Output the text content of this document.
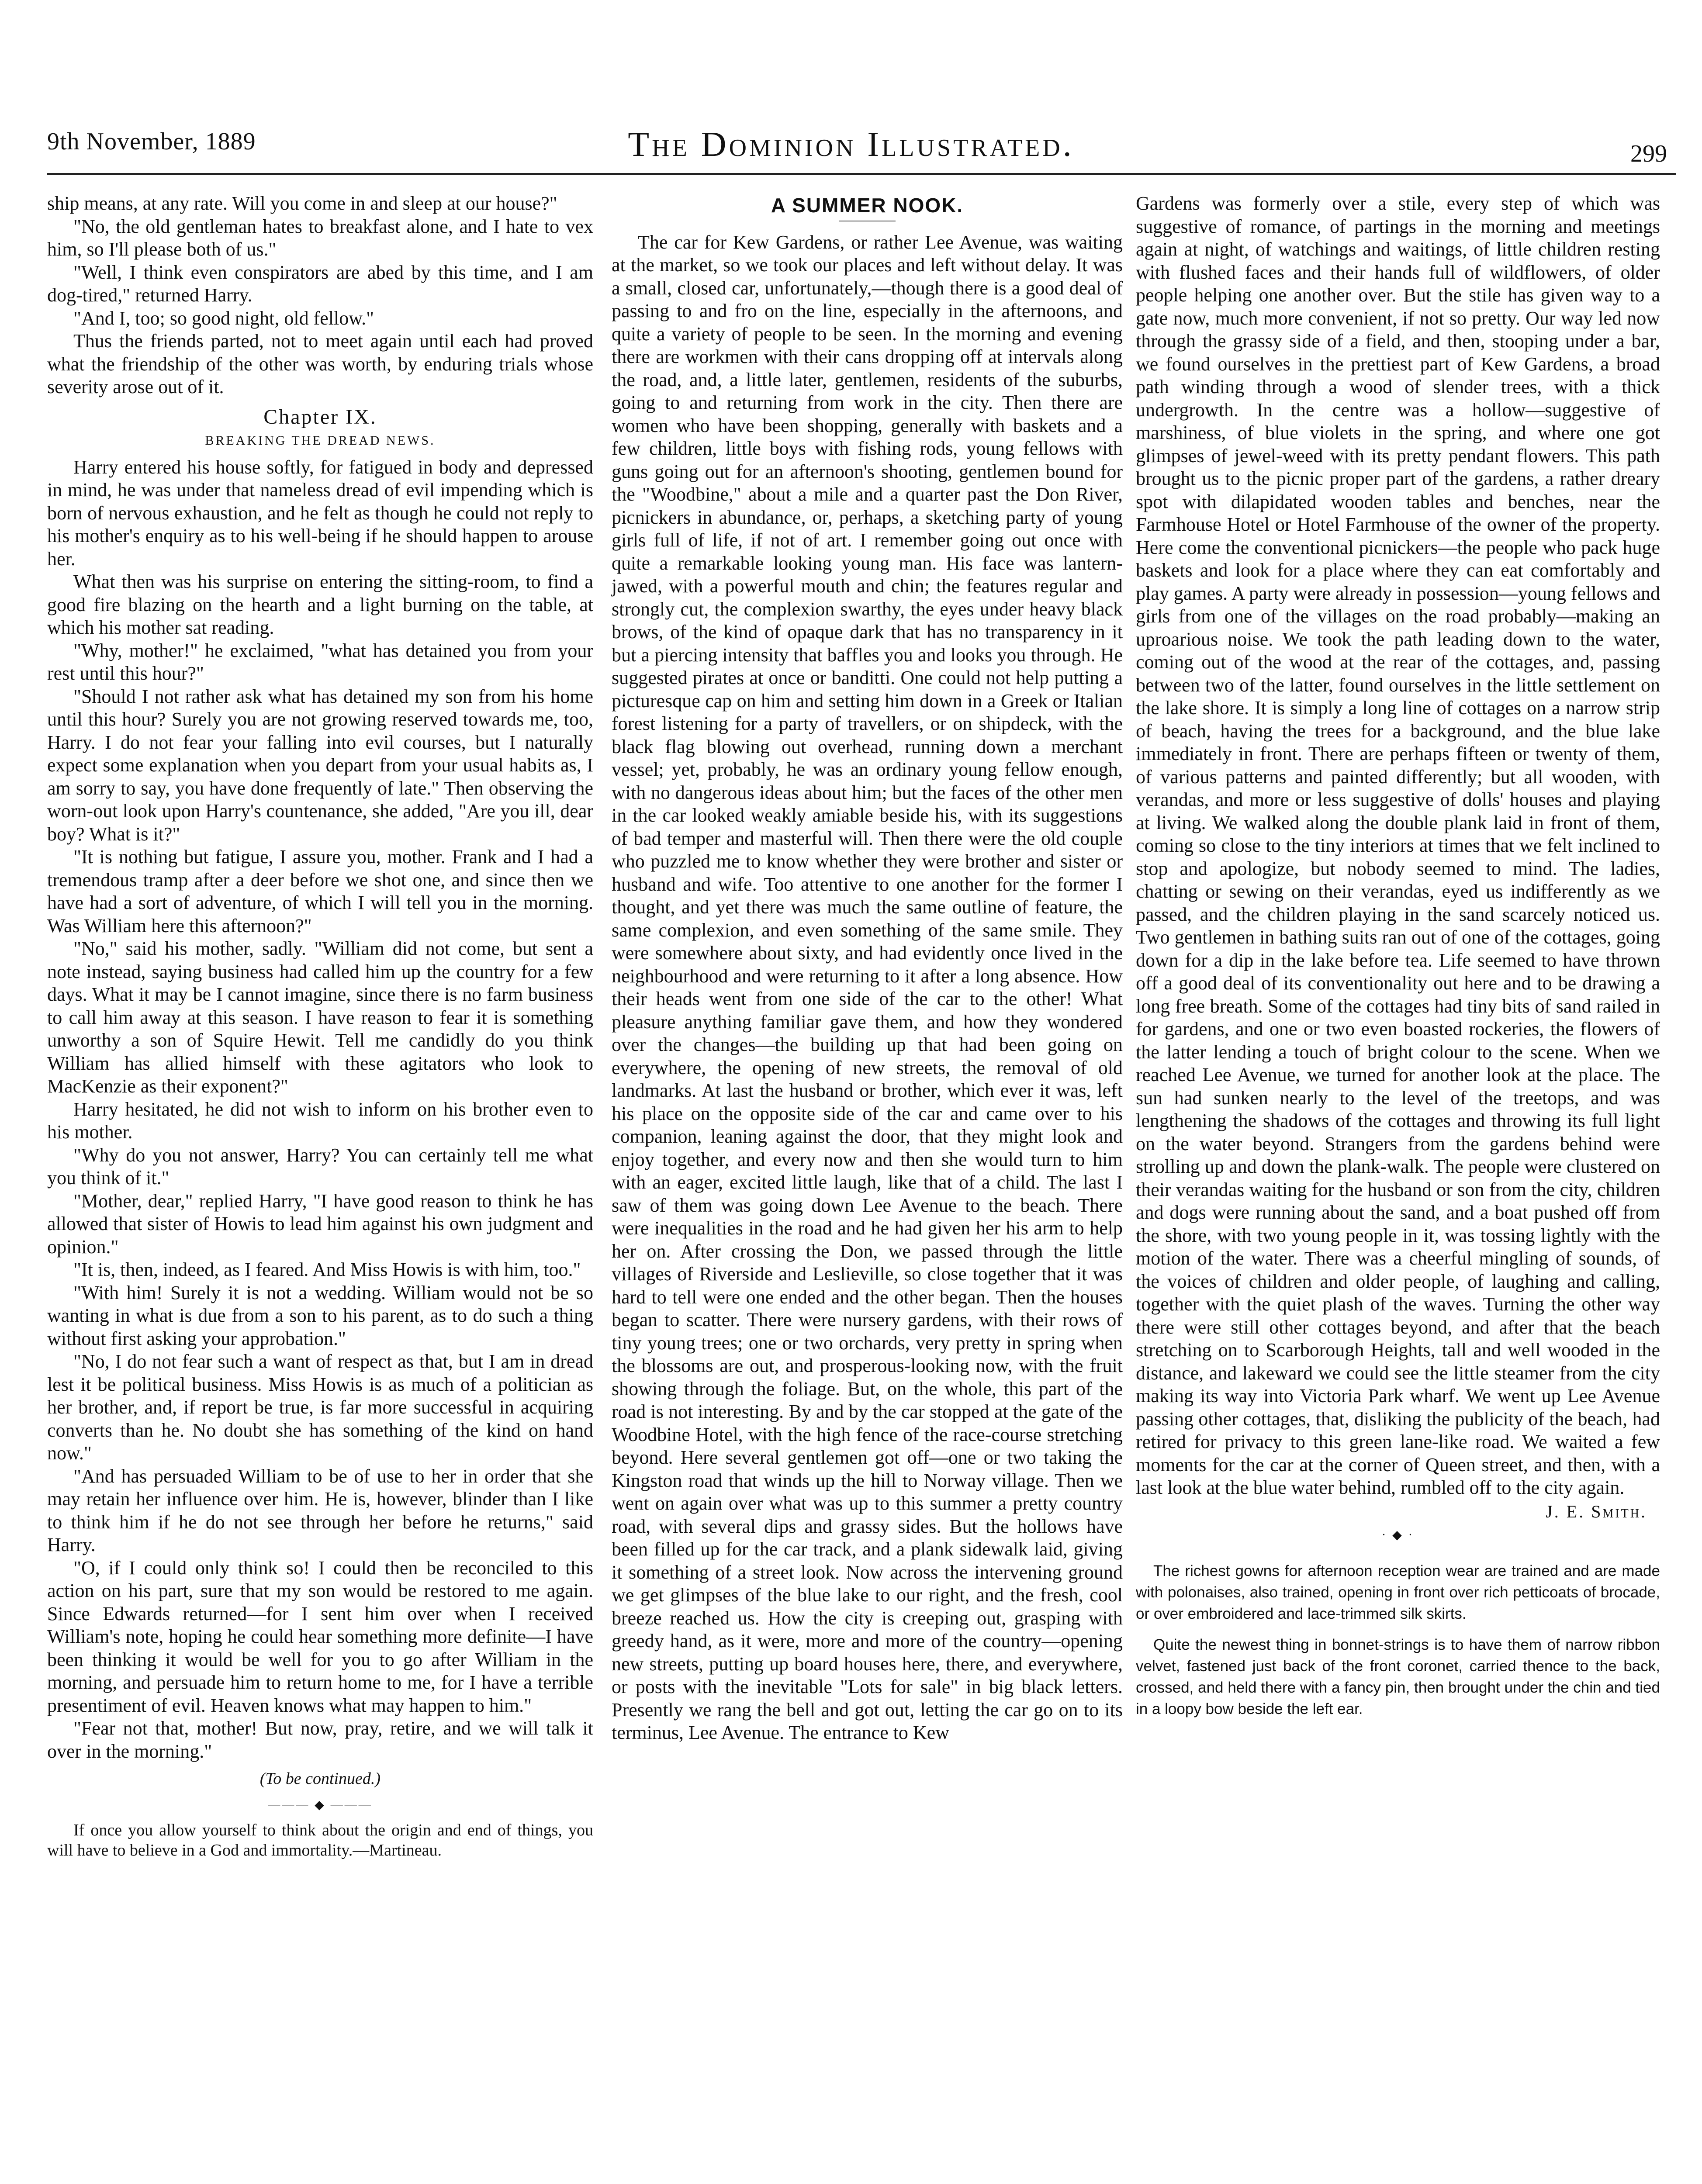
9th November, 1889	The Dominion Illustrated.	299

ship means, at any rate. Will you come in and sleep at our house?"

"No, the old gentleman hates to breakfast alone, and I hate to vex him, so I'll please both of us."

"Well, I think even conspirators are abed by this time, and I am dog-tired," returned Harry.

"And I, too; so good night, old fellow."

Thus the friends parted, not to meet again until each had proved what the friendship of the other was worth, by enduring trials whose severity arose out of it.

Chapter IX.
BREAKING THE DREAD NEWS.

Harry entered his house softly, for fatigued in body and depressed in mind, he was under that nameless dread of evil impending which is born of nervous exhaustion, and he felt as though he could not reply to his mother's enquiry as to his well-being if he should happen to arouse her.

What then was his surprise on entering the sitting-room, to find a good fire blazing on the hearth and a light burning on the table, at which his mother sat reading.

"Why, mother!" he exclaimed, "what has detained you from your rest until this hour?"

"Should I not rather ask what has detained my son from his home until this hour? Surely you are not growing reserved towards me, too, Harry. I do not fear your falling into evil courses, but I naturally expect some explanation when you depart from your usual habits as, I am sorry to say, you have done frequently of late." Then observing the worn-out look upon Harry's countenance, she added, "Are you ill, dear boy? What is it?"

"It is nothing but fatigue, I assure you, mother. Frank and I had a tremendous tramp after a deer before we shot one, and since then we have had a sort of adventure, of which I will tell you in the morning. Was William here this afternoon?"

"No," said his mother, sadly. "William did not come, but sent a note instead, saying business had called him up the country for a few days. What it may be I cannot imagine, since there is no farm business to call him away at this season. I have reason to fear it is something unworthy a son of Squire Hewit. Tell me candidly do you think William has allied himself with these agitators who look to MacKenzie as their exponent?"

Harry hesitated, he did not wish to inform on his brother even to his mother.

"Why do you not answer, Harry? You can certainly tell me what you think of it."

"Mother, dear," replied Harry, "I have good reason to think he has allowed that sister of Howis to lead him against his own judgment and opinion."

"It is, then, indeed, as I feared. And Miss Howis is with him, too."

"With him! Surely it is not a wedding. William would not be so wanting in what is due from a son to his parent, as to do such a thing without first asking your approbation."

"No, I do not fear such a want of respect as that, but I am in dread lest it be political business. Miss Howis is as much of a politician as her brother, and, if report be true, is far more successful in acquiring converts than he. No doubt she has something of the kind on hand now."

"And has persuaded William to be of use to her in order that she may retain her influence over him. He is, however, blinder than I like to think him if he do not see through her before he returns," said Harry.

"O, if I could only think so! I could then be reconciled to this action on his part, sure that my son would be restored to me again. Since Edwards returned—for I sent him over when I received William's note, hoping he could hear something more definite—I have been thinking it would be well for you to go after William in the morning, and persuade him to return home to me, for I have a terrible presentiment of evil. Heaven knows what may happen to him."

"Fear not that, mother! But now, pray, retire, and we will talk it over in the morning."

(To be continued.)
——— ◆ ———

If once you allow yourself to think about the origin and end of things, you will have to believe in a God and immortality.—Martineau.

A SUMMER NOOK.

The car for Kew Gardens, or rather Lee Avenue, was waiting at the market, so we took our places and left without delay. It was a small, closed car, unfortunately,—though there is a good deal of passing to and fro on the line, especially in the afternoons, and quite a variety of people to be seen. In the morning and evening there are workmen with their cans dropping off at intervals along the road, and, a little later, gentlemen, residents of the suburbs, going to and returning from work in the city. Then there are women who have been shopping, generally with baskets and a few children, little boys with fishing rods, young fellows with guns going out for an afternoon's shooting, gentlemen bound for the "Woodbine," about a mile and a quarter past the Don River, picnickers in abundance, or, perhaps, a sketching party of young girls full of life, if not of art. I remember going out once with quite a remarkable looking young man. His face was lantern-jawed, with a powerful mouth and chin; the features regular and strongly cut, the complexion swarthy, the eyes under heavy black brows, of the kind of opaque dark that has no transparency in it but a piercing intensity that baffles you and looks you through. He suggested pirates at once or banditti. One could not help putting a picturesque cap on him and setting him down in a Greek or Italian forest listening for a party of travellers, or on shipdeck, with the black flag blowing out overhead, running down a merchant vessel; yet, probably, he was an ordinary young fellow enough, with no dangerous ideas about him; but the faces of the other men in the car looked weakly amiable beside his, with its suggestions of bad temper and masterful will. Then there were the old couple who puzzled me to know whether they were brother and sister or husband and wife. Too attentive to one another for the former I thought, and yet there was much the same outline of feature, the same complexion, and even something of the same smile. They were somewhere about sixty, and had evidently once lived in the neighbourhood and were returning to it after a long absence. How their heads went from one side of the car to the other! What pleasure anything familiar gave them, and how they wondered over the changes—the building up that had been going on everywhere, the opening of new streets, the removal of old landmarks. At last the husband or brother, which ever it was, left his place on the opposite side of the car and came over to his companion, leaning against the door, that they might look and enjoy together, and every now and then she would turn to him with an eager, excited little laugh, like that of a child. The last I saw of them was going down Lee Avenue to the beach. There were inequalities in the road and he had given her his arm to help her on. After crossing the Don, we passed through the little villages of Riverside and Leslieville, so close together that it was hard to tell were one ended and the other began. Then the houses began to scatter. There were nursery gardens, with their rows of tiny young trees; one or two orchards, very pretty in spring when the blossoms are out, and prosperous-looking now, with the fruit showing through the foliage. But, on the whole, this part of the road is not interesting. By and by the car stopped at the gate of the Woodbine Hotel, with the high fence of the race-course stretching beyond. Here several gentlemen got off—one or two taking the Kingston road that winds up the hill to Norway village. Then we went on again over what was up to this summer a pretty country road, with several dips and grassy sides. But the hollows have been filled up for the car track, and a plank sidewalk laid, giving it something of a street look. Now across the intervening ground we get glimpses of the blue lake to our right, and the fresh, cool breeze reached us. How the city is creeping out, grasping with greedy hand, as it were, more and more of the country—opening new streets, putting up board houses here, there, and everywhere, or posts with the inevitable "Lots for sale" in big black letters. Presently we rang the bell and got out, letting the car go on to its terminus, Lee Avenue. The entrance to Kew

Gardens was formerly over a stile, every step of which was suggestive of romance, of partings in the morning and meetings again at night, of watchings and waitings, of little children resting with flushed faces and their hands full of wildflowers, of older people helping one another over. But the stile has given way to a gate now, much more convenient, if not so pretty. Our way led now through the grassy side of a field, and then, stooping under a bar, we found ourselves in the prettiest part of Kew Gardens, a broad path winding through a wood of slender trees, with a thick undergrowth. In the centre was a hollow—suggestive of marshiness, of blue violets in the spring, and where one got glimpses of jewel-weed with its pretty pendant flowers. This path brought us to the picnic proper part of the gardens, a rather dreary spot with dilapidated wooden tables and benches, near the Farmhouse Hotel or Hotel Farmhouse of the owner of the property. Here come the conventional picnickers—the people who pack huge baskets and look for a place where they can eat comfortably and play games. A party were already in possession—young fellows and girls from one of the villages on the road probably—making an uproarious noise. We took the path leading down to the water, coming out of the wood at the rear of the cottages, and, passing between two of the latter, found ourselves in the little settlement on the lake shore. It is simply a long line of cottages on a narrow strip of beach, having the trees for a background, and the blue lake immediately in front. There are perhaps fifteen or twenty of them, of various patterns and painted differently; but all wooden, with verandas, and more or less suggestive of dolls' houses and playing at living. We walked along the double plank laid in front of them, coming so close to the tiny interiors at times that we felt inclined to stop and apologize, but nobody seemed to mind. The ladies, chatting or sewing on their verandas, eyed us indifferently as we passed, and the children playing in the sand scarcely noticed us. Two gentlemen in bathing suits ran out of one of the cottages, going down for a dip in the lake before tea. Life seemed to have thrown off a good deal of its conventionality out here and to be drawing a long free breath. Some of the cottages had tiny bits of sand railed in for gardens, and one or two even boasted rockeries, the flowers of the latter lending a touch of bright colour to the scene. When we reached Lee Avenue, we turned for another look at the place. The sun had sunken nearly to the level of the treetops, and was lengthening the shadows of the cottages and throwing its full light on the water beyond. Strangers from the gardens behind were strolling up and down the plank-walk. The people were clustered on their verandas waiting for the husband or son from the city, children and dogs were running about the sand, and a boat pushed off from the shore, with two young people in it, was tossing lightly with the motion of the water. There was a cheerful mingling of sounds, of the voices of children and older people, of laughing and calling, together with the quiet plash of the waves. Turning the other way there were still other cottages beyond, and after that the beach stretching on to Scarborough Heights, tall and well wooded in the distance, and lakeward we could see the little steamer from the city making its way into Victoria Park wharf. We went up Lee Avenue passing other cottages, that, disliking the publicity of the beach, had retired for privacy to this green lane-like road. We waited a few moments for the car at the corner of Queen street, and then, with a last look at the blue water behind, rumbled off to the city again.

J. E. Smith.
· ◆ ·

The richest gowns for afternoon reception wear are trained and are made with polonaises, also trained, opening in front over rich petticoats of brocade, or over embroidered and lace-trimmed silk skirts.

Quite the newest thing in bonnet-strings is to have them of narrow ribbon velvet, fastened just back of the front coronet, carried thence to the back, crossed, and held there with a fancy pin, then brought under the chin and tied in a loopy bow beside the left ear.
